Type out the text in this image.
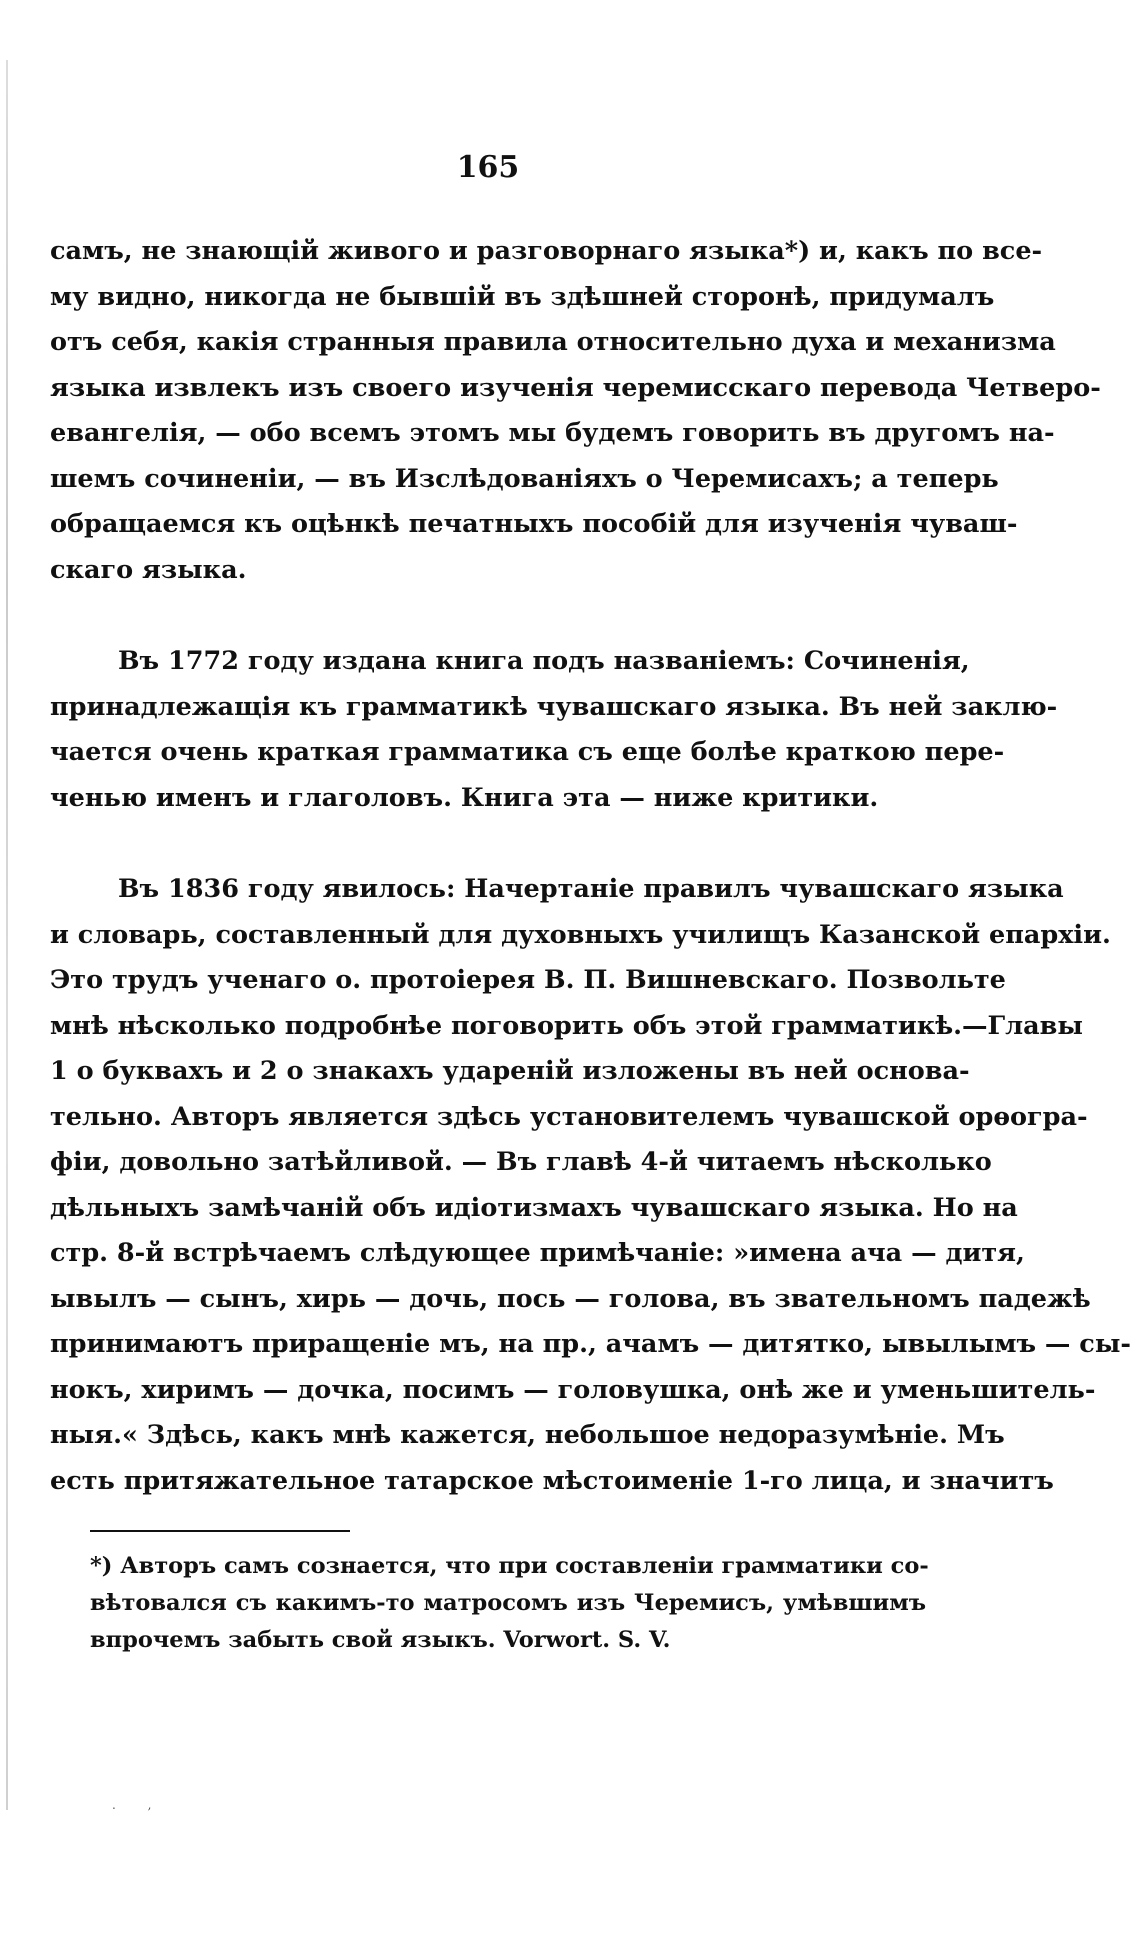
165

самъ, не знающій живого и разговорнаго языка*) и, какъ по все-
му видно, никогда не бывшій въ здѣшней сторонѣ, придумалъ
отъ себя, какія странныя правила относительно духа и механизма
языка извлекъ изъ своего изученія черемисскаго перевода Четверо-
евангелія, — обо всемъ этомъ мы будемъ говорить въ другомъ на-
шемъ сочиненіи, — въ Изслѣдованіяхъ о Черемисахъ; а теперь
обращаемся къ оцѣнкѣ печатныхъ пособій для изученія чуваш-
скаго языка.

Въ 1772 году издана книга подъ названіемъ: Сочиненія,
принадлежащія къ грамматикѣ чувашскаго языка. Въ ней заклю-
чается очень краткая грамматика съ еще болѣе краткою пере-
ченью именъ и глаголовъ. Книга эта — ниже критики.

Въ 1836 году явилось: Начертаніе правилъ чувашскаго языка
и словарь, составленный для духовныхъ училищъ Казанской епархіи.
Это трудъ ученаго о. протоіерея В. П. Вишневскаго. Позвольте
мнѣ нѣсколько подробнѣе поговорить объ этой грамматикѣ.—Главы
1 о буквахъ и 2 о знакахъ удареній изложены въ ней основа-
тельно. Авторъ является здѣсь установителемъ чувашской орѳогра-
фіи, довольно затѣйливой. — Въ главѣ 4-й читаемъ нѣсколько
дѣльныхъ замѣчаній объ идіотизмахъ чувашскаго языка. Но на
стр. 8-й встрѣчаемъ слѣдующее примѣчаніе: »имена ача — дитя,
ывылъ — сынъ, хирь — дочь, пось — голова, въ звательномъ падежѣ
принимаютъ приращеніе мъ, на пр., ачамъ — дитятко, ывылымъ — сы-
нокъ, хиримъ — дочка, посимъ — головушка, онѣ же и уменьшитель-
ныя.« Здѣсь, какъ мнѣ кажется, небольшое недоразумѣніе. Мъ
есть притяжательное татарское мѣстоименіе 1-го лица, и значитъ

*) Авторъ самъ сознается, что при составленіи грамматики со-
вѣтовался съ какимъ-то матросомъ изъ Черемисъ, умѣвшимъ
впрочемъ забыть свой языкъ. Vorwort. S. V.

. ,
